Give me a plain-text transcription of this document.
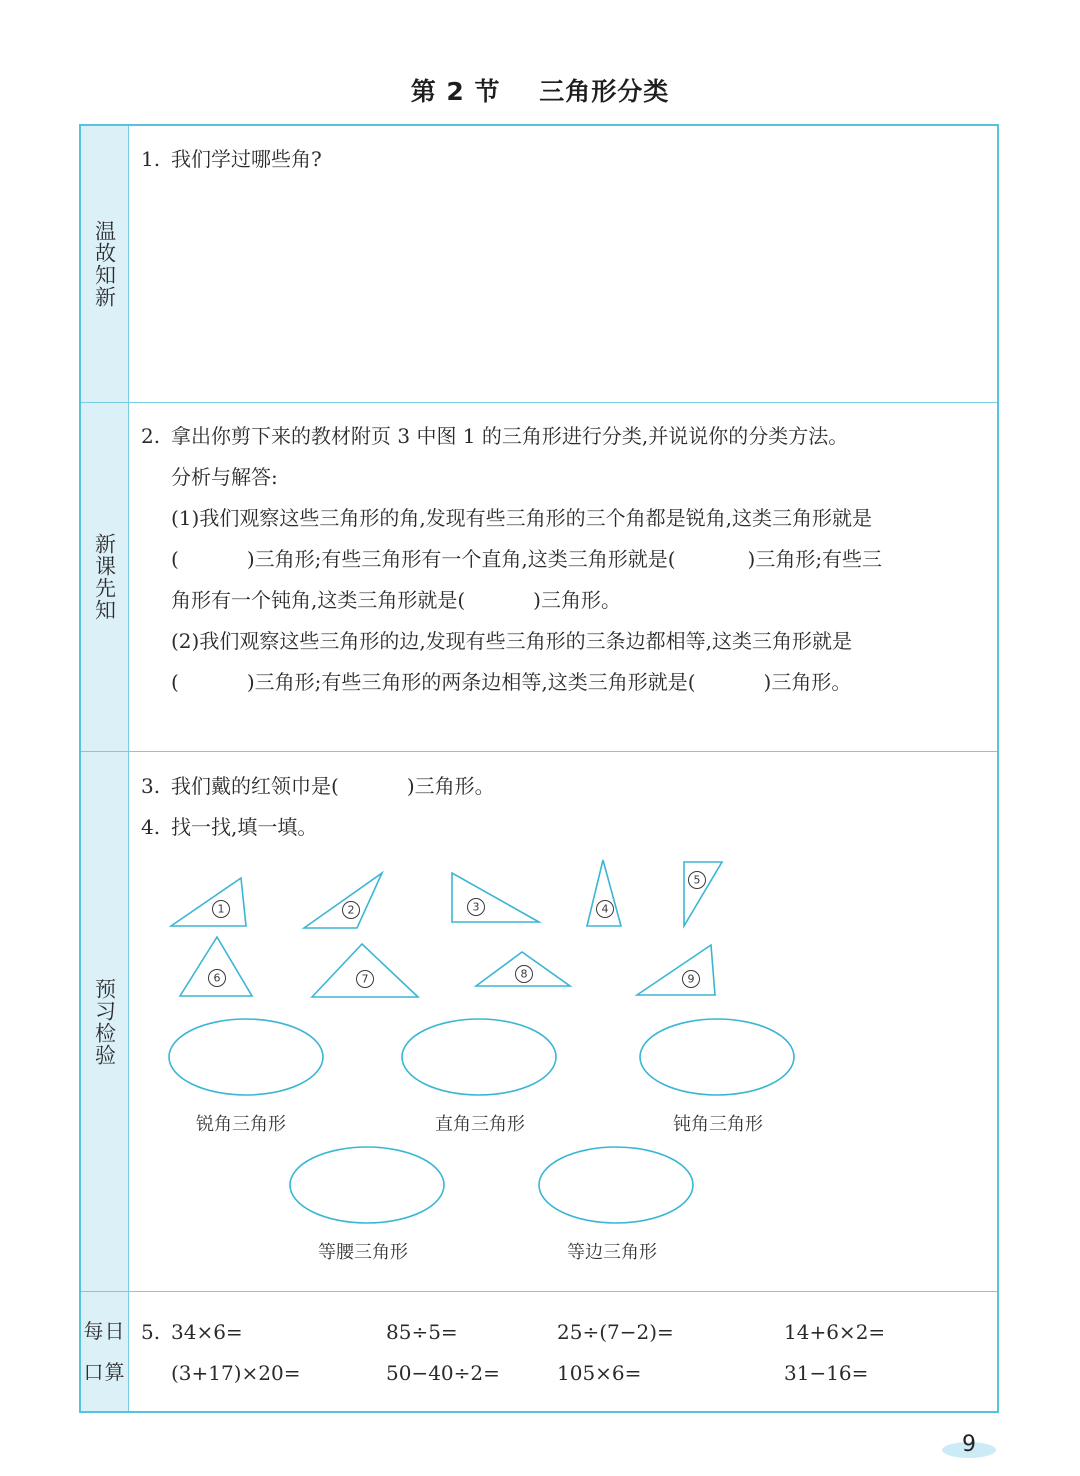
第 2 节    三角形分类
温故知新
1. 我们学过哪些角?
新课先知
2. 拿出你剪下来的教材附页 3 中图 1 的三角形进行分类,并说说你的分类方法。
分析与解答:
(1)我们观察这些三角形的角,发现有些三角形的三个角都是锐角,这类三角形就是
(	)三角形;有些三角形有一个直角,这类三角形就是(	)三角形;有些三
角形有一个钝角,这类三角形就是(	)三角形。
(2)我们观察这些三角形的边,发现有些三角形的三条边都相等,这类三角形就是
(	)三角形;有些三角形的两条边相等,这类三角形就是(	)三角形。
预习检验
3. 我们戴的红领巾是(	)三角形。
4. 找一找,填一填。
1	2	3	4
5
6	7	8	9
锐角三角形	直角三角形	钝角三角形
等腰三角形	等边三角形
每日
口算
5. 34×6=	85÷5=	25÷(7−2)=	14+6×2=
(3+17)×20=	50−40÷2=	105×6=	31−16=
9
